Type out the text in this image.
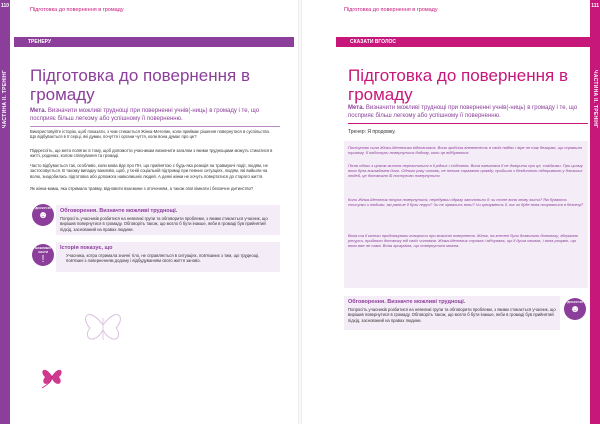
110
ЧАСТИНА II. ТРЕНІНГ
Підготовка до повернення в громаду
ТРЕНЕРУ
Підготовка до повернення в громаду
Мета. Визначити можливі труднощі при поверненні учнів(-ниць) в громаду і те, що посприяє більш легкому або успішному її поверненню.

Використовуйте історію, щоб показати, з чим стикається Жінка-Метелик, коли приймає рішення повернутися в суспільство. Що відбувається в її серці, які думки, почуття і органи чуття, коли вона думає про це?

Підкресліть, що мета полягає в тому, щоб допомогти учасникам визначити загалом з якими труднощами можуть стикатися в житті, родинах, колом спілкування та громаді.

Часто відбувається так, особливо, коли мова йде про ПН, що прийнятою є будь-яка реакція на травмуючі події, людям, не застосовується. В такому випадку важливо, щоб, у їхній соціальній підтримці при певних ситуаціях, людям, які вийшли на волю, знадобилась підготовка або допомога навколишніх людей. А деякі жінки не хочуть повертатися до старого життя.

Як жінка-мама, яка отримала травму, відновити взаємини з оточенням, а також свої кімнати і безпечне дитинство?

ДИСКУСІЯ
☻	Обговорення. Визначте можливі труднощі.

Попросіть учасників розбитися на невеликі групи та обговорити проблеми, з якими стикається учасник, що вирішив повернутися в громаду. Обговоріть також, що могло б бути інакше, якби в громаді був прийнятий підхід, заснований на правах людини.

ВАЖЛИВО ЗНАТИ
!

Історія показує, що

Учасника, котра отримала значні тіло, не справляється в ситуаціях, пов'язаних з тим, що труднощі, пов'язані з поверненням додому і відбудуванням свого життя заново.

111
ЧАСТИНА II. ТРЕНІНГ
Підготовка до повернення в громаду
СКАЗАТИ ВГОЛОС
Підготовка до повернення в громаду
Мета. Визначити можливі труднощі при поверненні учнів(-ниць) в громаду і те, що посприяє більш легкому або успішному її поверненню.
Тренер: Я продовжу.

Поступово сила Жінки-Метелика відновилася. Вона зробила впевненість в своїх надіях і віре не так безкраю, що справила тривогу. Її надихнули повернутися додому, коли це відбувалося.

Після одних з цілком життя перегонилися в її рідних і з'єднання. Вона навчалася її не довірити про це, слабкими. При цьому вона була викладачем йоги. Одного разу чоловік, не плекає справжню правду, прийшла з бездитною підтримкою у близьких людей, це допомогло їй поступово повернутися.

Коли Жінка-Метелик почула повернутися, передумки одразу заполонили її: чи почне вона знову жити? Які бувають стосунки з людьми, які раніше її були поруч? Чи не зірвались вони? Чи зрозуміють її, та чи буде вона почуватися в безпеці?

Вона та її колеги продовжували говорити про можливі повернення. Жінок, на знесені були дозволили допомогу, зберігали ресурси, прийняли допомогу від своїх чоловіків. Жінка-Метелик слухала і відчувала, що її душа оживає, і вона розуміє, що вона вже не сама. Вона зрозуміла, що повернутися можна.

Обговорення. Визначте можливі труднощі.

Попросіть учасників розбитися на невеликі групи та обговорити проблеми, з якими стикається учасник, що вирішив повернутися в громаду. Обговоріть також, що могло б бути інакше, якби в громаді був прийнятий підхід, заснований на правах людини.

ДИСКУСІЯ
☻
